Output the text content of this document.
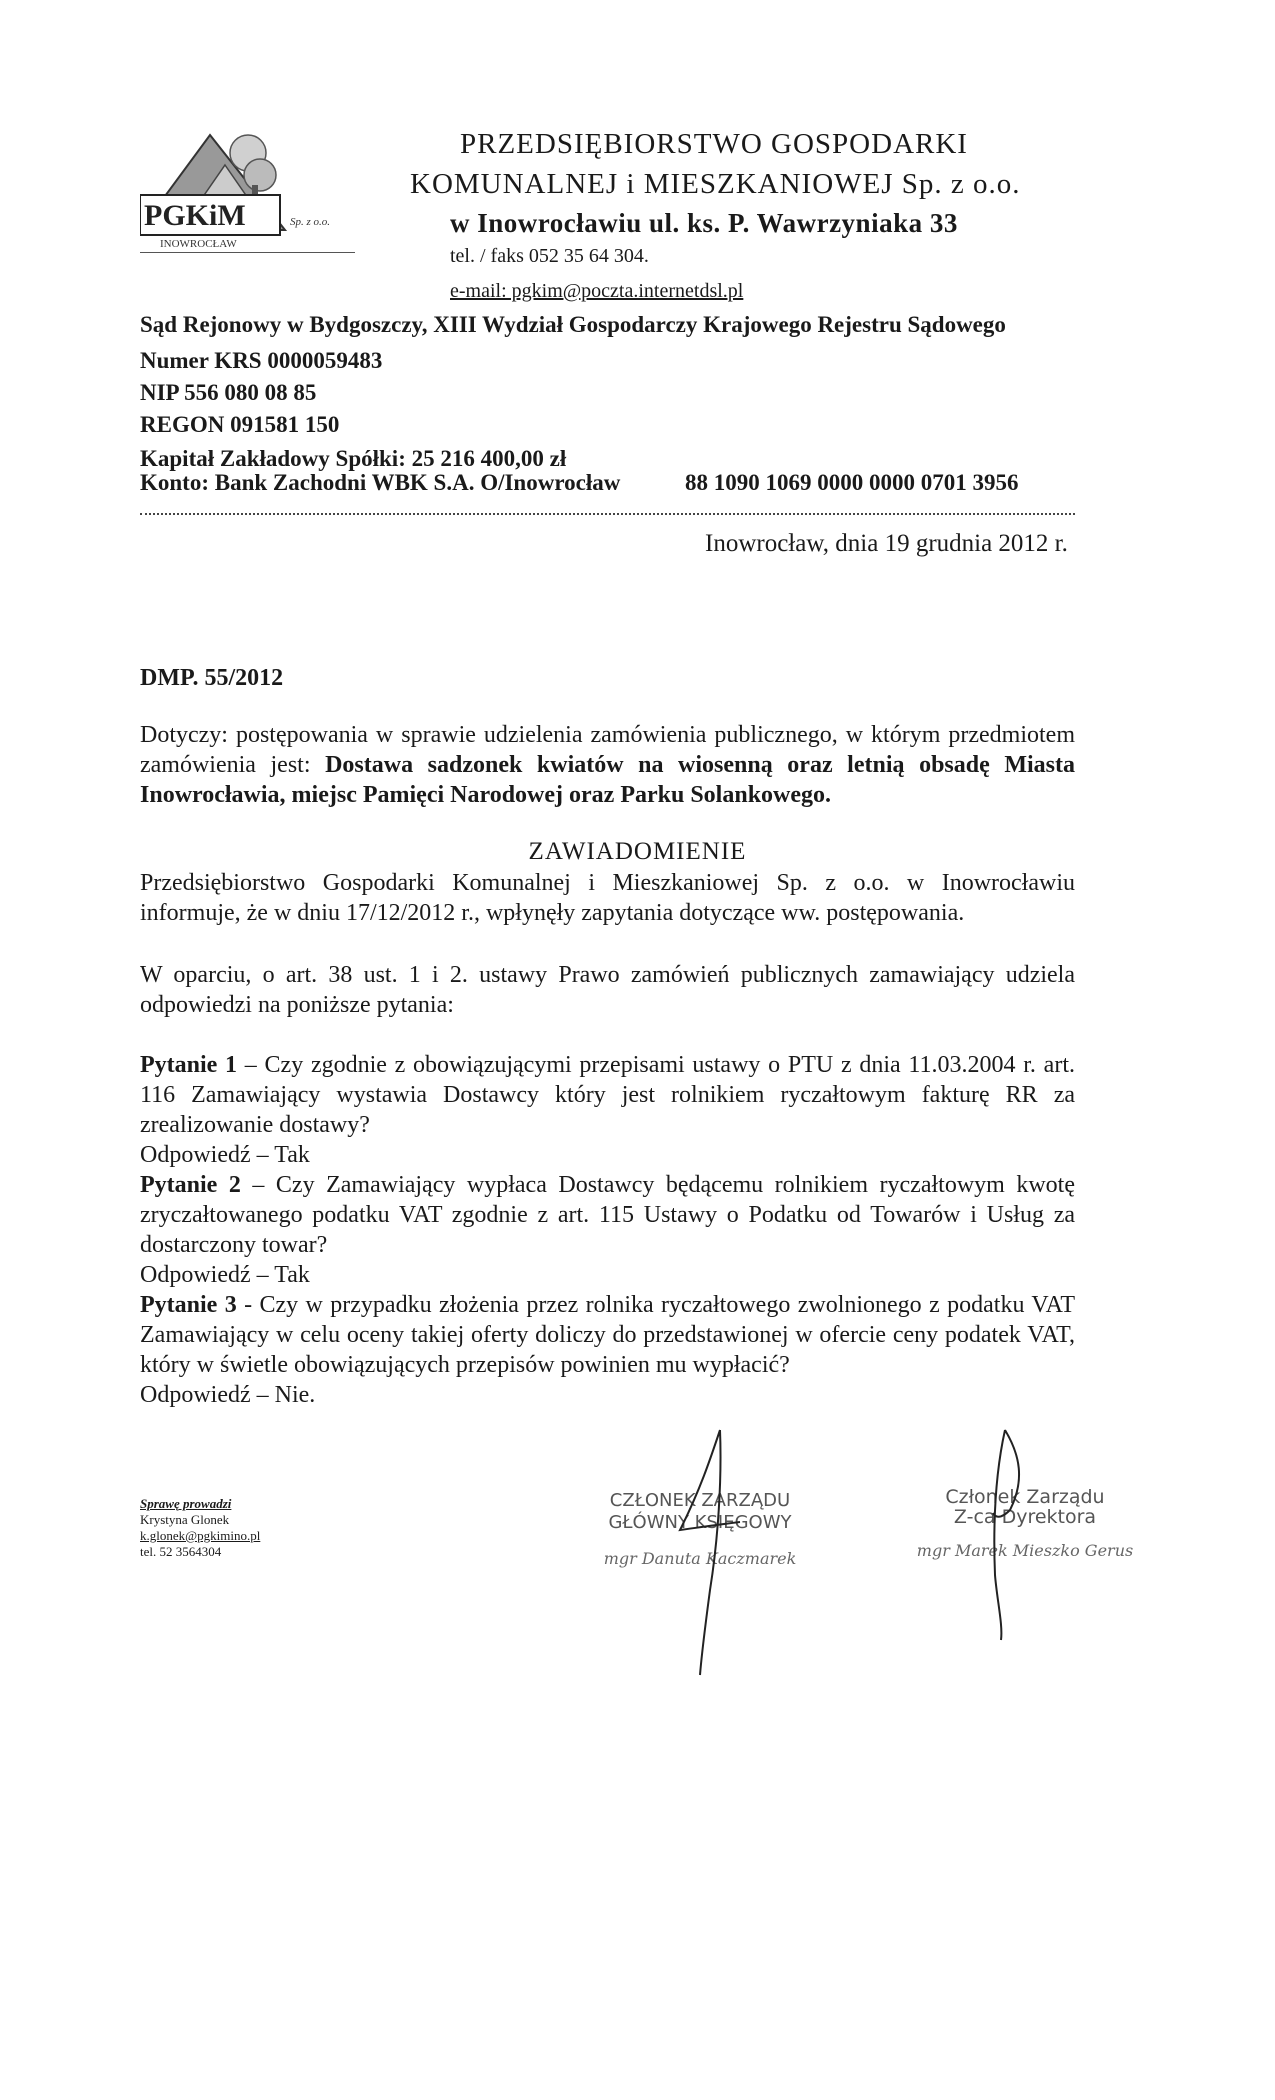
PGKiM	Sp. z o.o.
INOWROCŁAW
PRZEDSIĘBIORSTWO GOSPODARKI
KOMUNALNEJ i MIESZKANIOWEJ Sp. z o.o.
w Inowrocławiu ul. ks. P. Wawrzyniaka 33
tel. / faks 052 35 64 304.
e-mail: pgkim@poczta.internetdsl.pl
Sąd Rejonowy w Bydgoszczy, XIII Wydział Gospodarczy Krajowego Rejestru Sądowego
Numer KRS 0000059483
NIP 556 080 08 85
REGON 091581 150
Kapitał Zakładowy Spółki: 25 216 400,00 zł
Konto: Bank Zachodni WBK S.A. O/Inowrocław	88 1090 1069 0000 0000 0701 3956
Inowrocław, dnia 19 grudnia 2012 r.
DMP. 55/2012
Dotyczy: postępowania w sprawie udzielenia zamówienia publicznego, w którym przedmiotem zamówienia jest: Dostawa sadzonek kwiatów na wiosenną oraz letnią obsadę Miasta Inowrocławia, miejsc Pamięci Narodowej oraz Parku Solankowego.
ZAWIADOMIENIE
Przedsiębiorstwo Gospodarki Komunalnej i Mieszkaniowej Sp. z o.o. w Inowrocławiu informuje, że w dniu 17/12/2012 r., wpłynęły zapytania dotyczące ww. postępowania.
W oparciu, o art. 38 ust. 1 i 2. ustawy Prawo zamówień publicznych zamawiający udziela odpowiedzi na poniższe pytania:

Pytanie 1 – Czy zgodnie z obowiązującymi przepisami ustawy o PTU z dnia 11.03.2004 r. art. 116 Zamawiający wystawia Dostawcy który jest rolnikiem ryczałtowym fakturę RR za zrealizowanie dostawy?

Odpowiedź – Tak

Pytanie 2 – Czy Zamawiający wypłaca Dostawcy będącemu rolnikiem ryczałtowym kwotę zryczałtowanego podatku VAT zgodnie z art. 115 Ustawy o Podatku od Towarów i Usług za dostarczony towar?

Odpowiedź – Tak

Pytanie 3 - Czy w przypadku złożenia przez rolnika ryczałtowego zwolnionego z podatku VAT Zamawiający w celu oceny takiej oferty doliczy do przedstawionej w ofercie ceny podatek VAT, który w świetle obowiązujących przepisów powinien mu wypłacić?

Odpowiedź – Nie.

Sprawę prowadzi
Krystyna Glonek
k.glonek@pgkimino.pl
tel. 52 3564304
CZŁONEK ZARZĄDU
GŁÓWNY KSIĘGOWY
mgr Danuta Kaczmarek
Członek Zarządu
Z-ca Dyrektora
mgr Marek Mieszko Gerus
